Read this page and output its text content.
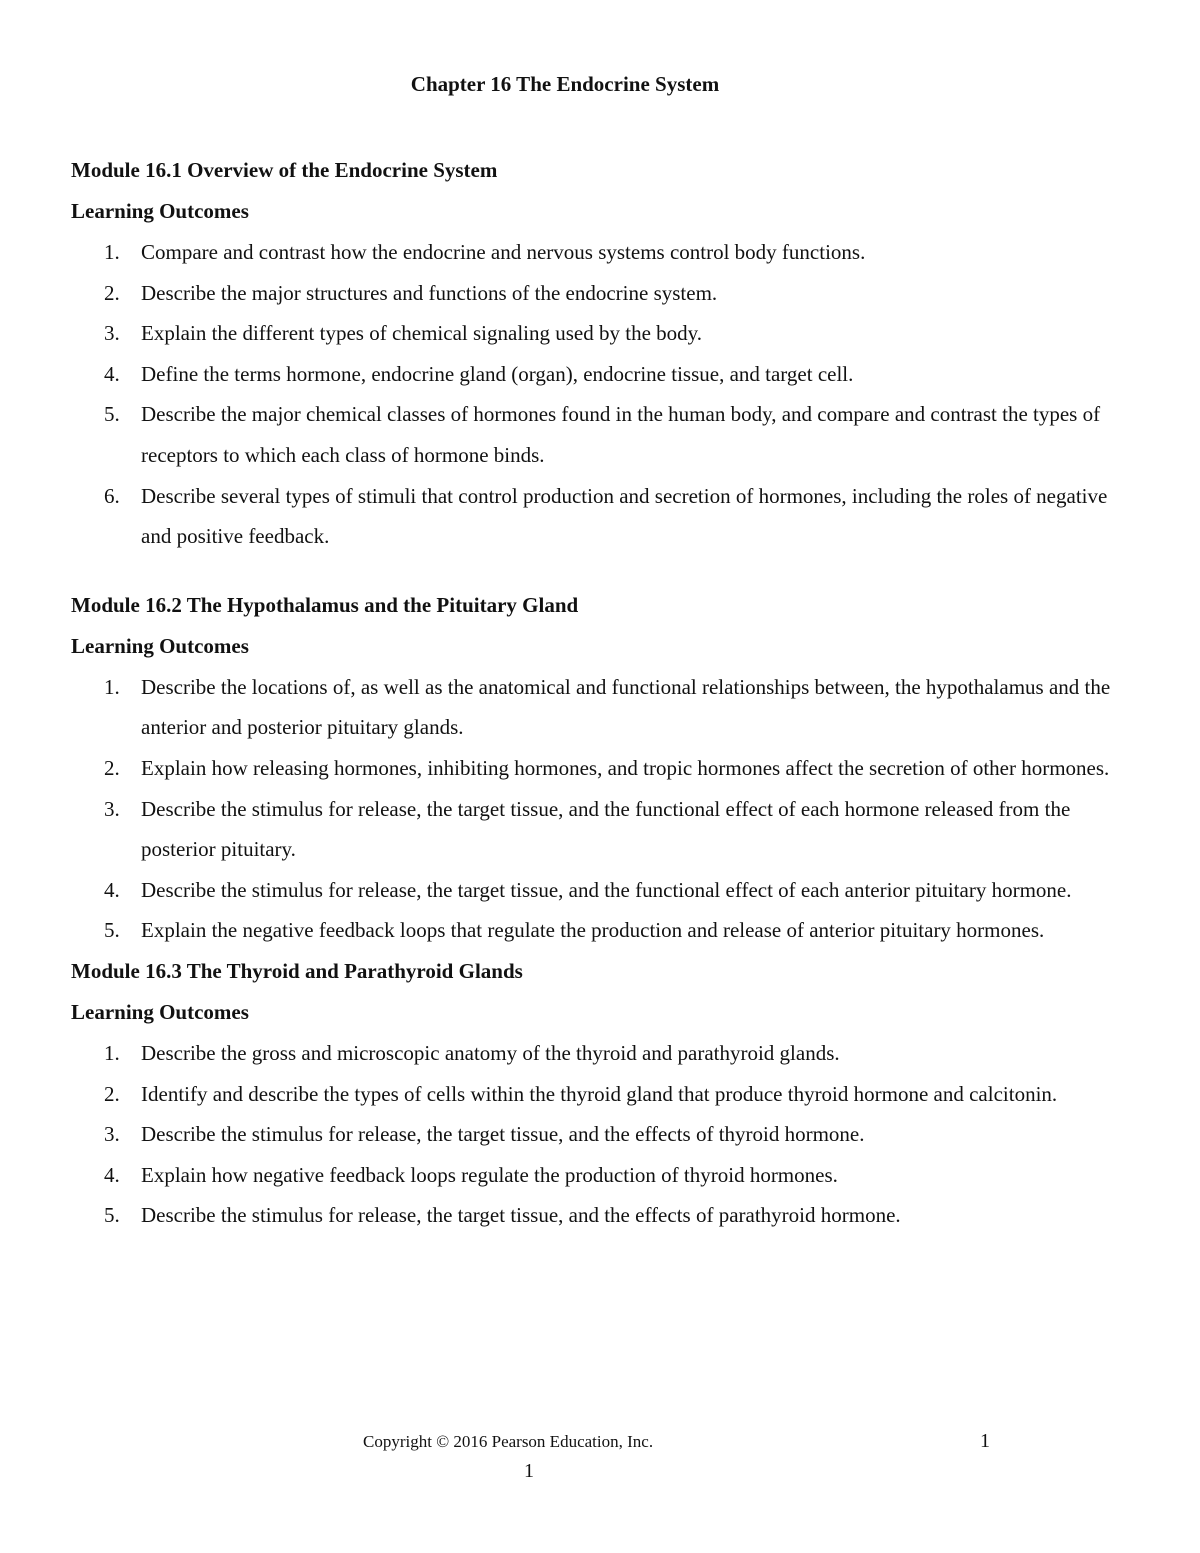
Chapter 16 The Endocrine System
Module 16.1 Overview of the Endocrine System
Learning Outcomes
1. Compare and contrast how the endocrine and nervous systems control body functions.
2. Describe the major structures and functions of the endocrine system.
3. Explain the different types of chemical signaling used by the body.
4. Define the terms hormone, endocrine gland (organ), endocrine tissue, and target cell.
5. Describe the major chemical classes of hormones found in the human body, and compare and contrast the types of receptors to which each class of hormone binds.
6. Describe several types of stimuli that control production and secretion of hormones, including the roles of negative and positive feedback.
Module 16.2 The Hypothalamus and the Pituitary Gland
Learning Outcomes
1. Describe the locations of, as well as the anatomical and functional relationships between, the hypothalamus and the anterior and posterior pituitary glands.
2. Explain how releasing hormones, inhibiting hormones, and tropic hormones affect the secretion of other hormones.
3. Describe the stimulus for release, the target tissue, and the functional effect of each hormone released from the posterior pituitary.
4. Describe the stimulus for release, the target tissue, and the functional effect of each anterior pituitary hormone.
5. Explain the negative feedback loops that regulate the production and release of anterior pituitary hormones.
Module 16.3 The Thyroid and Parathyroid Glands
Learning Outcomes
1. Describe the gross and microscopic anatomy of the thyroid and parathyroid glands.
2. Identify and describe the types of cells within the thyroid gland that produce thyroid hormone and calcitonin.
3. Describe the stimulus for release, the target tissue, and the effects of thyroid hormone.
4. Explain how negative feedback loops regulate the production of thyroid hormones.
5. Describe the stimulus for release, the target tissue, and the effects of parathyroid hormone.
Copyright © 2016 Pearson Education, Inc.	1
1
